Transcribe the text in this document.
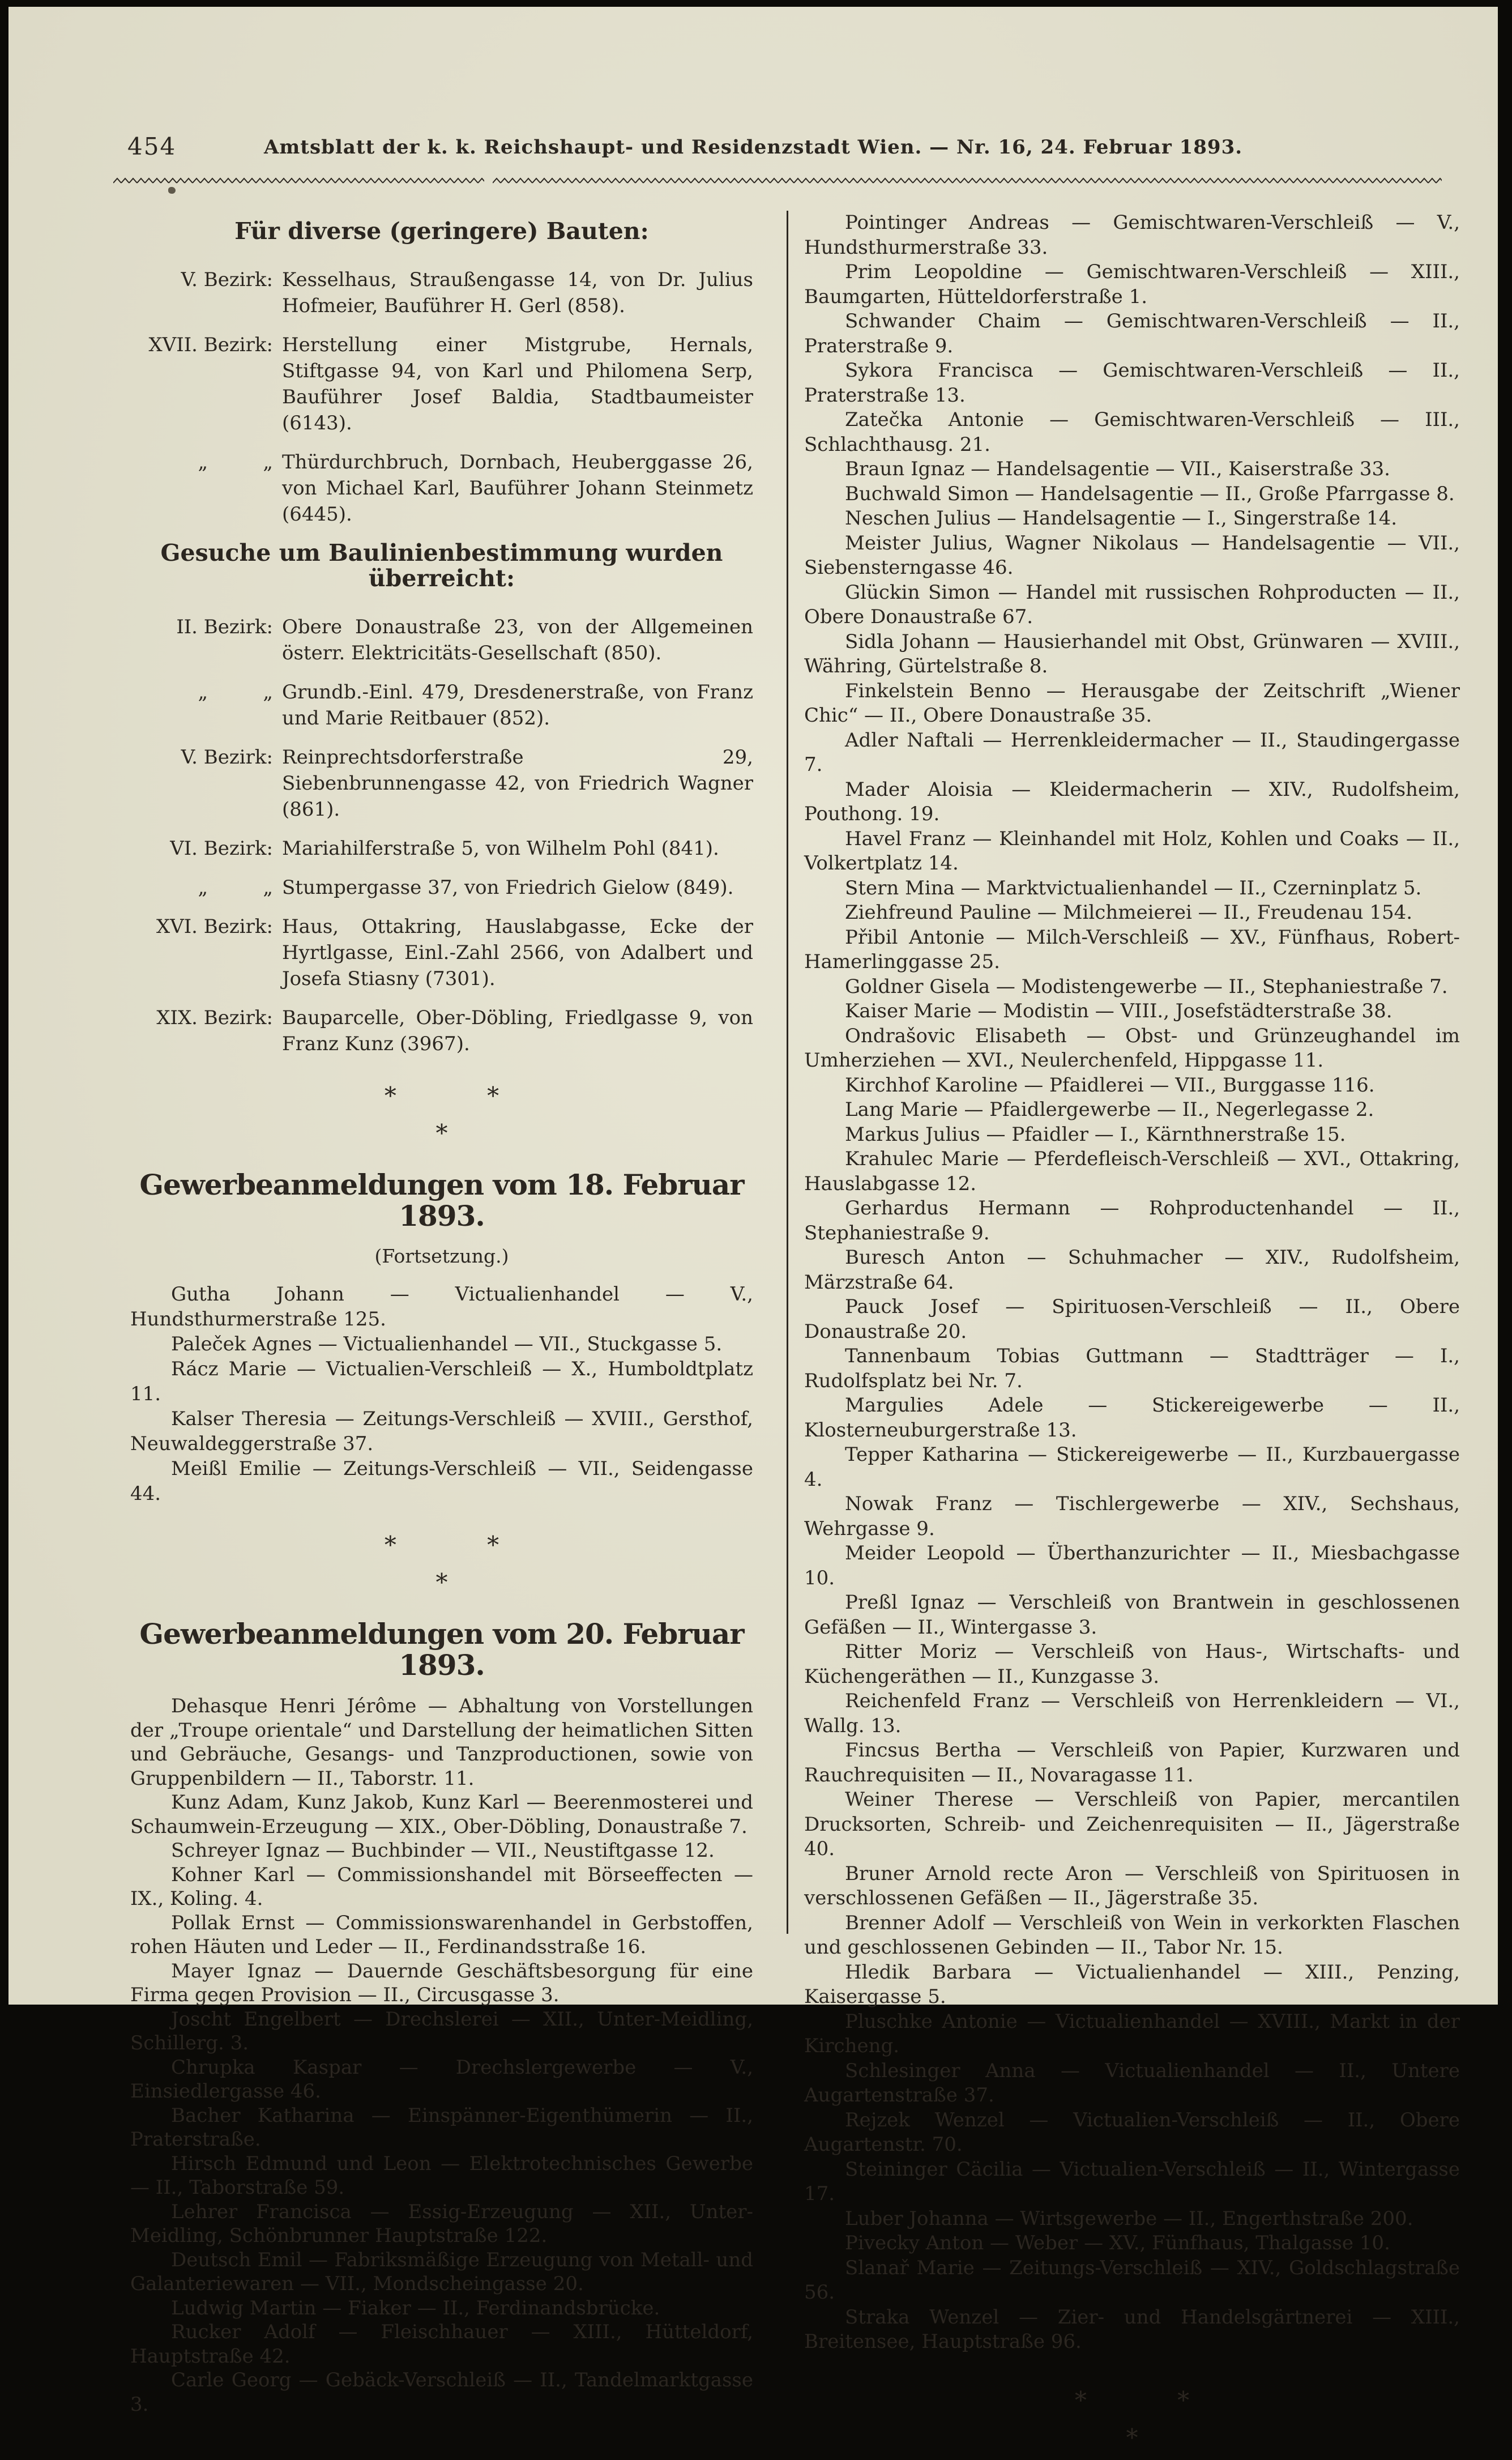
454	Amtsblatt der k. k. Reichshaupt- und Residenzstadt Wien. — Nr. 16, 24. Februar 1893.
Für diverse (geringere) Bauten:
V. Bezirk: Kesselhaus, Straußengasse 14, von Dr. Julius Hofmeier, Bauführer H. Gerl (858).
XVII. Bezirk: Herstellung einer Mistgrube, Hernals, Stiftgasse 94, von Karl und Philomena Serp, Bauführer Josef Baldia, Stadtbaumeister (6143).
„         „ Thürdurchbruch, Dornbach, Heuberggasse 26, von Michael Karl, Bauführer Johann Steinmetz (6445).
Gesuche um Baulinienbestimmung wurden überreicht:
II. Bezirk: Obere Donaustraße 23, von der Allgemeinen österr. Elektricitäts-Gesellschaft (850).
„         „ Grundb.-Einl. 479, Dresdenerstraße, von Franz und Marie Reitbauer (852).
V. Bezirk: Reinprechtsdorferstraße 29, Siebenbrunnengasse 42, von Friedrich Wagner (861).
VI. Bezirk: Mariahilferstraße 5, von Wilhelm Pohl (841).
„         „ Stumpergasse 37, von Friedrich Gielow (849).
XVI. Bezirk: Haus, Ottakring, Hauslabgasse, Ecke der Hyrtlgasse, Einl.-Zahl 2566, von Adalbert und Josefa Stiasny (7301).
XIX. Bezirk: Bauparcelle, Ober-Döbling, Friedlgasse 9, von Franz Kunz (3967).
*            *
*
Gewerbeanmeldungen vom 18. Februar 1893.
(Fortsetzung.)

Gutha Johann — Victualienhandel — V., Hundsthurmerstraße 125.

Paleček Agnes — Victualienhandel — VII., Stuckgasse 5.

Rácz Marie — Victualien-Verschleiß — X., Humboldtplatz 11.

Kalser Theresia — Zeitungs-Verschleiß — XVIII., Gersthof, Neuwaldeggerstraße 37.

Meißl Emilie — Zeitungs-Verschleiß — VII., Seidengasse 44.

*            *
*
Gewerbeanmeldungen vom 20. Februar 1893.

Dehasque Henri Jérôme — Abhaltung von Vorstellungen der „Troupe orientale“ und Darstellung der heimatlichen Sitten und Gebräuche, Gesangs- und Tanzproductionen, sowie von Gruppenbildern — II., Taborstr. 11.

Kunz Adam, Kunz Jakob, Kunz Karl — Beerenmosterei und Schaumwein-Erzeugung — XIX., Ober-Döbling, Donaustraße 7.

Schreyer Ignaz — Buchbinder — VII., Neustiftgasse 12.

Kohner Karl — Commissionshandel mit Börseeffecten — IX., Koling. 4.

Pollak Ernst — Commissionswarenhandel in Gerbstoffen, rohen Häuten und Leder — II., Ferdinandsstraße 16.

Mayer Ignaz — Dauernde Geschäftsbesorgung für eine Firma gegen Provision — II., Circusgasse 3.

Joscht Engelbert — Drechslerei — XII., Unter-Meidling, Schillerg. 3.

Chrupka Kaspar — Drechslergewerbe — V., Einsiedlergasse 46.

Bacher Katharina — Einspänner-Eigenthümerin — II., Praterstraße.

Hirsch Edmund und Leon — Elektrotechnisches Gewerbe — II., Taborstraße 59.

Lehrer Francisca — Essig-Erzeugung — XII., Unter-Meidling, Schönbrunner Hauptstraße 122.

Deutsch Emil — Fabriksmäßige Erzeugung von Metall- und Galanteriewaren — VII., Mondscheingasse 20.

Ludwig Martin — Fiaker — II., Ferdinandsbrücke.

Rucker Adolf — Fleischhauer — XIII., Hütteldorf, Hauptstraße 42.

Carle Georg — Gebäck-Verschleiß — II., Tandelmarktgasse 3.

Pointinger Andreas — Gemischtwaren-Verschleiß — V., Hundsthurmerstraße 33.

Prim Leopoldine — Gemischtwaren-Verschleiß — XIII., Baumgarten, Hütteldorferstraße 1.

Schwander Chaim — Gemischtwaren-Verschleiß — II., Praterstraße 9.

Sykora Francisca — Gemischtwaren-Verschleiß — II., Praterstraße 13.

Zatečka Antonie — Gemischtwaren-Verschleiß — III., Schlachthausg. 21.

Braun Ignaz — Handelsagentie — VII., Kaiserstraße 33.

Buchwald Simon — Handelsagentie — II., Große Pfarrgasse 8.

Neschen Julius — Handelsagentie — I., Singerstraße 14.

Meister Julius, Wagner Nikolaus — Handelsagentie — VII., Siebensterngasse 46.

Glückin Simon — Handel mit russischen Rohproducten — II., Obere Donaustraße 67.

Sidla Johann — Hausierhandel mit Obst, Grünwaren — XVIII., Währing, Gürtelstraße 8.

Finkelstein Benno — Herausgabe der Zeitschrift „Wiener Chic“ — II., Obere Donaustraße 35.

Adler Naftali — Herrenkleidermacher — II., Staudingergasse 7.

Mader Aloisia — Kleidermacherin — XIV., Rudolfsheim, Pouthong. 19.

Havel Franz — Kleinhandel mit Holz, Kohlen und Coaks — II., Volkertplatz 14.

Stern Mina — Marktvictualienhandel — II., Czerninplatz 5.

Ziehfreund Pauline — Milchmeierei — II., Freudenau 154.

Přibil Antonie — Milch-Verschleiß — XV., Fünfhaus, Robert-Hamerlinggasse 25.

Goldner Gisela — Modistengewerbe — II., Stephaniestraße 7.

Kaiser Marie — Modistin — VIII., Josefstädterstraße 38.

Ondrašovic Elisabeth — Obst- und Grünzeughandel im Umherziehen — XVI., Neulerchenfeld, Hippgasse 11.

Kirchhof Karoline — Pfaidlerei — VII., Burggasse 116.

Lang Marie — Pfaidlergewerbe — II., Negerlegasse 2.

Markus Julius — Pfaidler — I., Kärnthnerstraße 15.

Krahulec Marie — Pferdefleisch-Verschleiß — XVI., Ottakring, Hauslabgasse 12.

Gerhardus Hermann — Rohproductenhandel — II., Stephaniestraße 9.

Buresch Anton — Schuhmacher — XIV., Rudolfsheim, Märzstraße 64.

Pauck Josef — Spirituosen-Verschleiß — II., Obere Donaustraße 20.

Tannenbaum Tobias Guttmann — Stadtträger — I., Rudolfsplatz bei Nr. 7.

Margulies Adele — Stickereigewerbe — II., Klosterneuburgerstraße 13.

Tepper Katharina — Stickereigewerbe — II., Kurzbauergasse 4.

Nowak Franz — Tischlergewerbe — XIV., Sechshaus, Wehrgasse 9.

Meider Leopold — Überthanzurichter — II., Miesbachgasse 10.

Preßl Ignaz — Verschleiß von Brantwein in geschlossenen Gefäßen — II., Wintergasse 3.

Ritter Moriz — Verschleiß von Haus-, Wirtschafts- und Küchengeräthen — II., Kunzgasse 3.

Reichenfeld Franz — Verschleiß von Herrenkleidern — VI., Wallg. 13.

Fincsus Bertha — Verschleiß von Papier, Kurzwaren und Rauchrequisiten — II., Novaragasse 11.

Weiner Therese — Verschleiß von Papier, mercantilen Drucksorten, Schreib- und Zeichenrequisiten — II., Jägerstraße 40.

Bruner Arnold recte Aron — Verschleiß von Spirituosen in verschlossenen Gefäßen — II., Jägerstraße 35.

Brenner Adolf — Verschleiß von Wein in verkorkten Flaschen und geschlossenen Gebinden — II., Tabor Nr. 15.

Hledik Barbara — Victualienhandel — XIII., Penzing, Kaisergasse 5.

Pluschke Antonie — Victualienhandel — XVIII., Markt in der Kircheng.

Schlesinger Anna — Victualienhandel — II., Untere Augartenstraße 37.

Rejzek Wenzel — Victualien-Verschleiß — II., Obere Augartenstr. 70.

Steininger Cäcilia — Victualien-Verschleiß — II., Wintergasse 17.

Luber Johanna — Wirtsgewerbe — II., Engerthstraße 200.

Pivecky Anton — Weber — XV., Fünfhaus, Thalgasse 10.

Slanař Marie — Zeitungs-Verschleiß — XIV., Goldschlagstraße 56.

Straka Wenzel — Zier- und Handelsgärtnerei — XIII., Breitensee, Hauptstraße 96.

*            *
*
